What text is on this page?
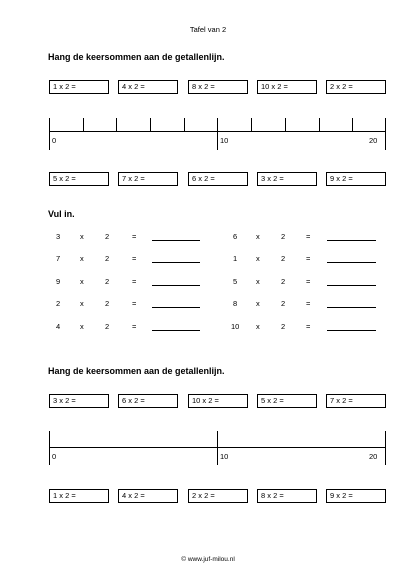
Tafel van 2
Hang de keersommen aan de getallenlijn.
1 x 2 =	4 x 2 =	8 x 2 =	10 x 2 =	2 x 2 =
0	10	20
5 x 2 =	7 x 2 =	6 x 2 =	3 x 2 =	9 x 2 =
Vul in.
3	x	2	=	6	x	2	=
7	x	2	=	1	x	2	=
9	x	2	=	5	x	2	=
2	x	2	=	8	x	2	=
4	x	2	=	10 x	2	=
Hang de keersommen aan de getallenlijn.
3 x 2 =	6 x 2 =	10 x 2 =	5 x 2 =	7 x 2 =
0	10	20
1 x 2 =	4 x 2 =	2 x 2 =	8 x 2 =	9 x 2 =
© www.juf-milou.nl
